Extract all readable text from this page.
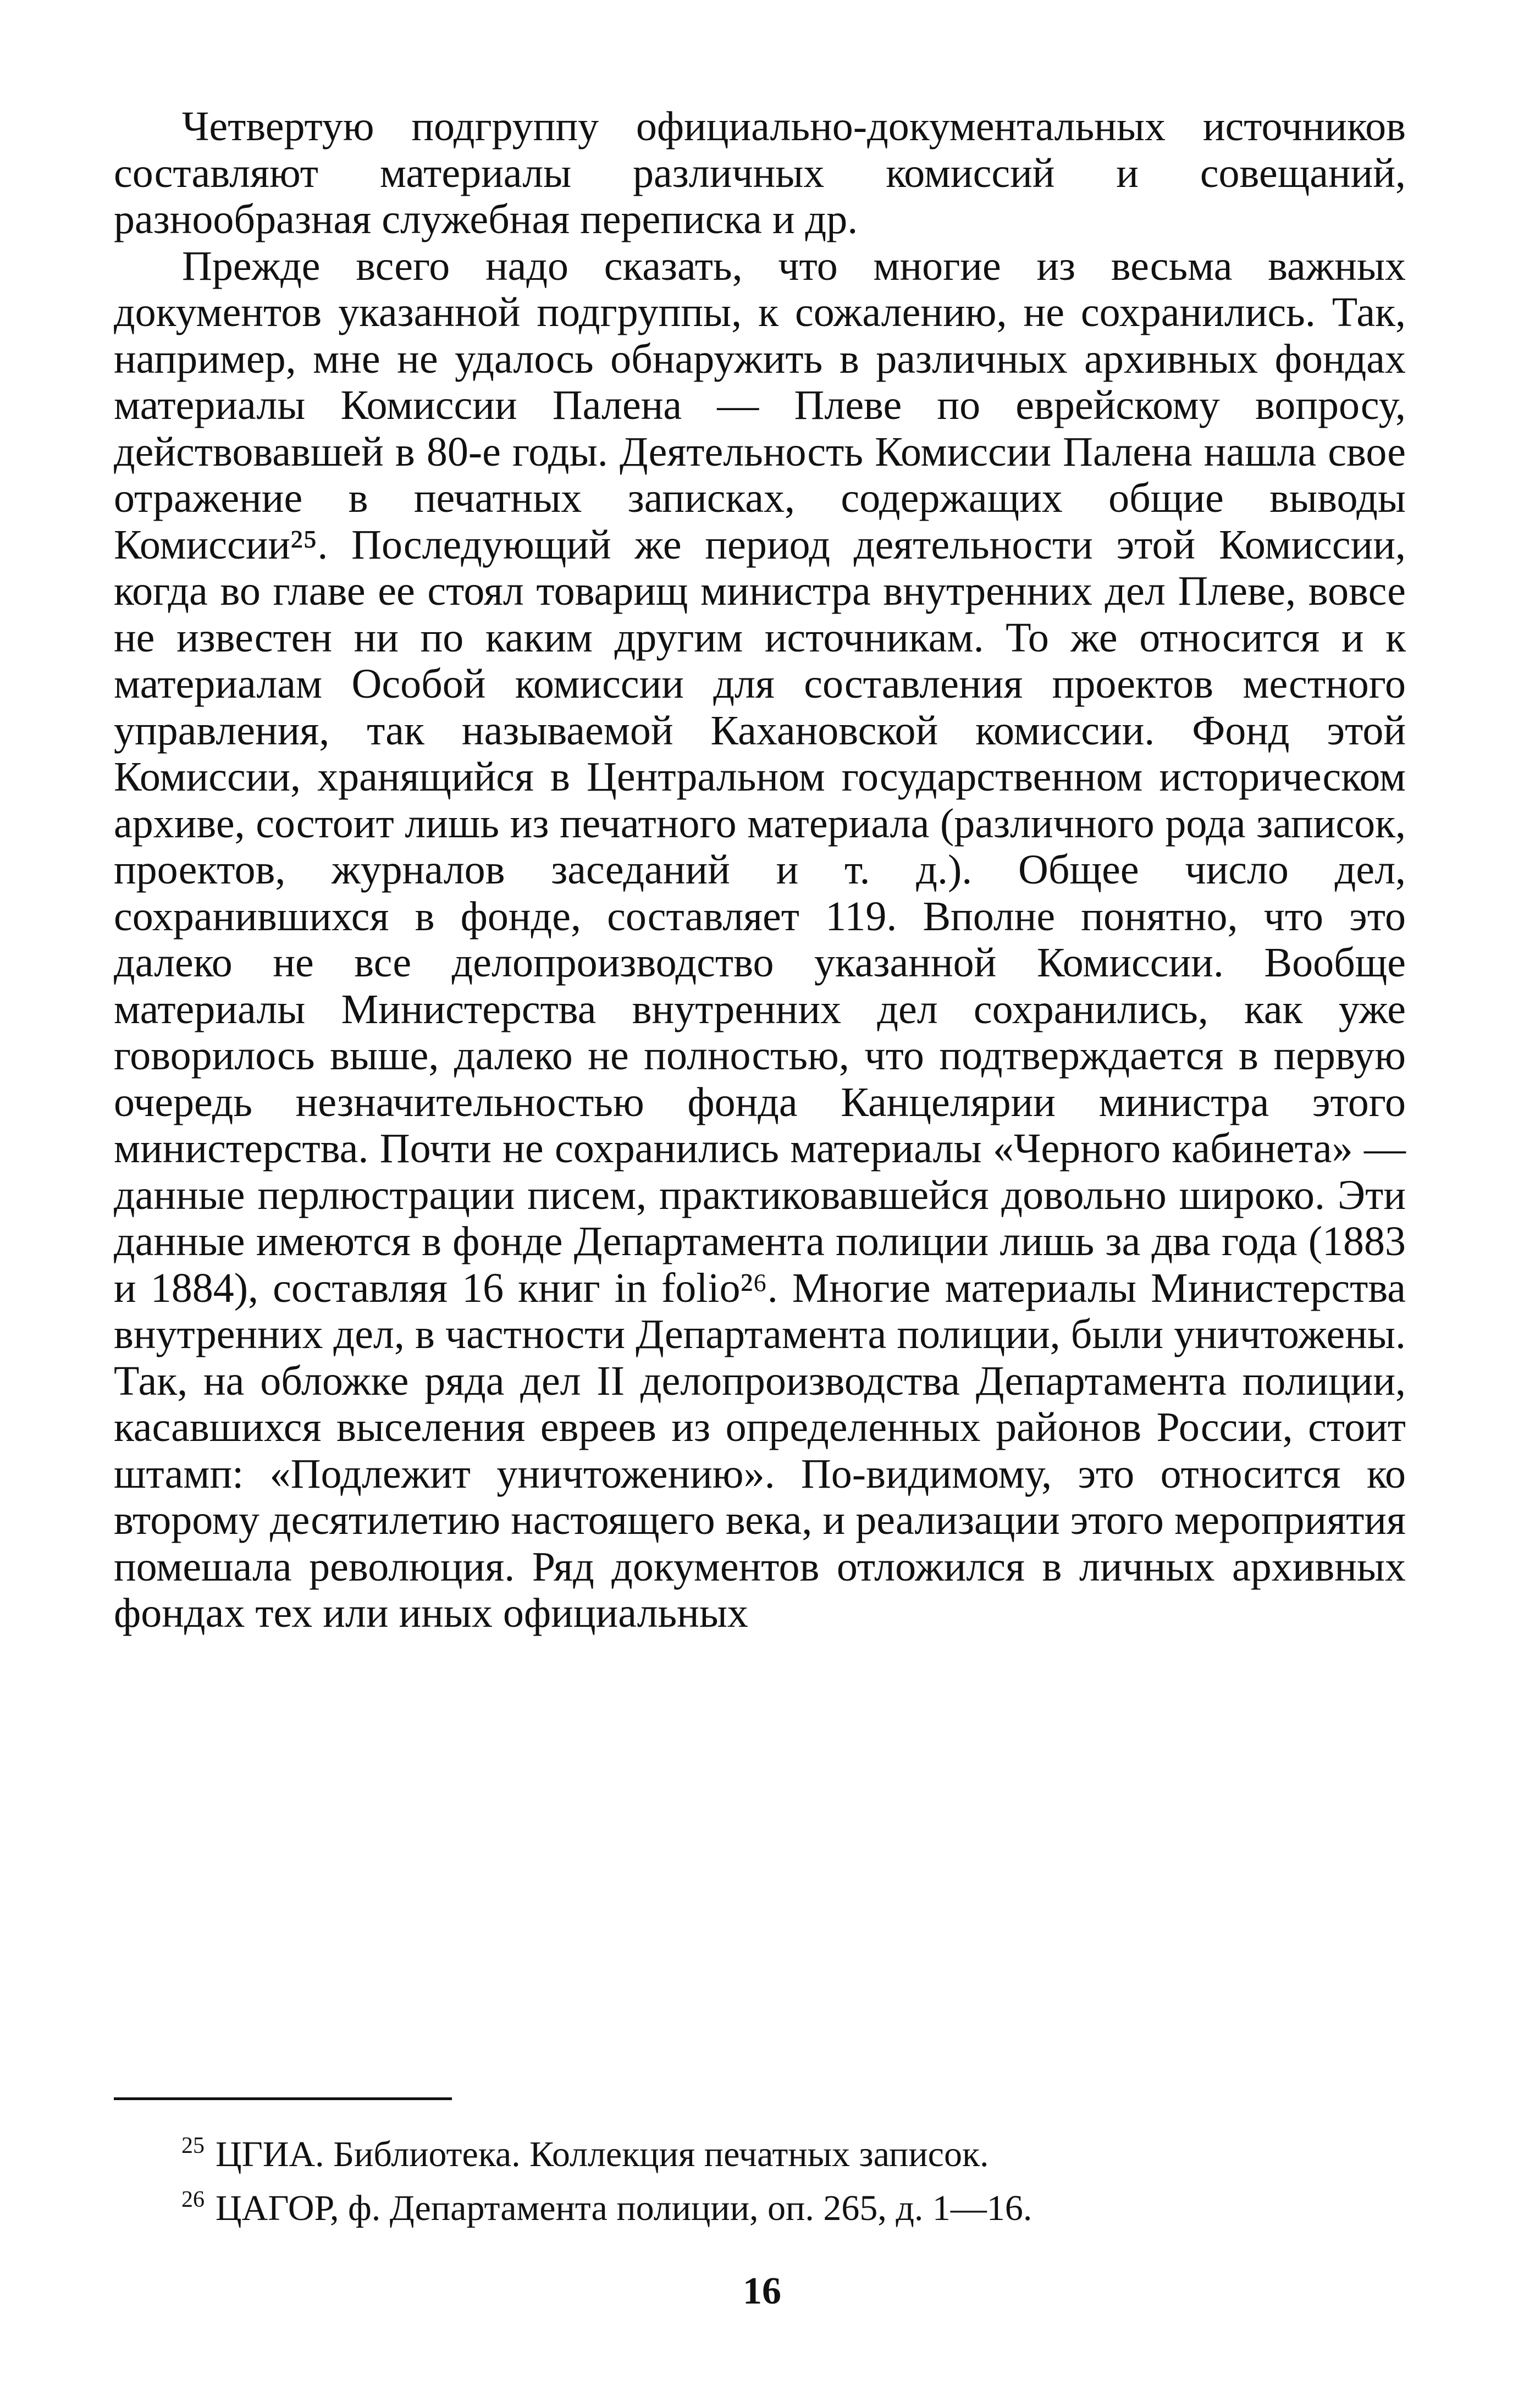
Четвертую подгруппу официально-документальных источников составляют материалы различных комиссий и совещаний, разнообразная служебная переписка и др.

Прежде всего надо сказать, что многие из весьма важных документов указанной подгруппы, к сожалению, не сохранились. Так, например, мне не удалось обнаружить в различных архивных фондах материалы Комиссии Палена — Плеве по еврейскому вопросу, действовавшей в 80-е годы. Деятельность Комиссии Палена нашла свое отражение в печатных записках, содержащих общие выводы Комиссии²⁵. Последующий же период деятельности этой Комиссии, когда во главе ее стоял товарищ министра внутренних дел Плеве, вовсе не известен ни по каким другим источникам. То же относится и к материалам Особой комиссии для составления проектов местного управления, так называемой Кахановской комиссии. Фонд этой Комиссии, хранящийся в Центральном государственном историческом архиве, состоит лишь из печатного материала (различного рода записок, проектов, журналов заседаний и т. д.). Общее число дел, сохранившихся в фонде, составляет 119. Вполне понятно, что это далеко не все делопроизводство указанной Комиссии. Вообще материалы Министерства внутренних дел сохранились, как уже говорилось выше, далеко не полностью, что подтверждается в первую очередь незначительностью фонда Канцелярии министра этого министерства. Почти не сохранились материалы «Черного кабинета» — данные перлюстрации писем, практиковавшейся довольно широко. Эти данные имеются в фонде Департамента полиции лишь за два года (1883 и 1884), составляя 16 книг in folio²⁶. Многие материалы Министерства внутренних дел, в частности Департамента полиции, были уничтожены. Так, на обложке ряда дел II делопроизводства Департамента полиции, касавшихся выселения евреев из определенных районов России, стоит штамп: «Подлежит уничтожению». По-видимому, это относится ко второму десятилетию настоящего века, и реализации этого мероприятия помешала революция. Ряд документов отложился в личных архивных фондах тех или иных официальных

$^{25}$ ЦГИА. Библиотека. Коллекция печатных записок.
$^{26}$ ЦАГОР, ф. Департамента полиции, оп. 265, д. 1—16.
16
